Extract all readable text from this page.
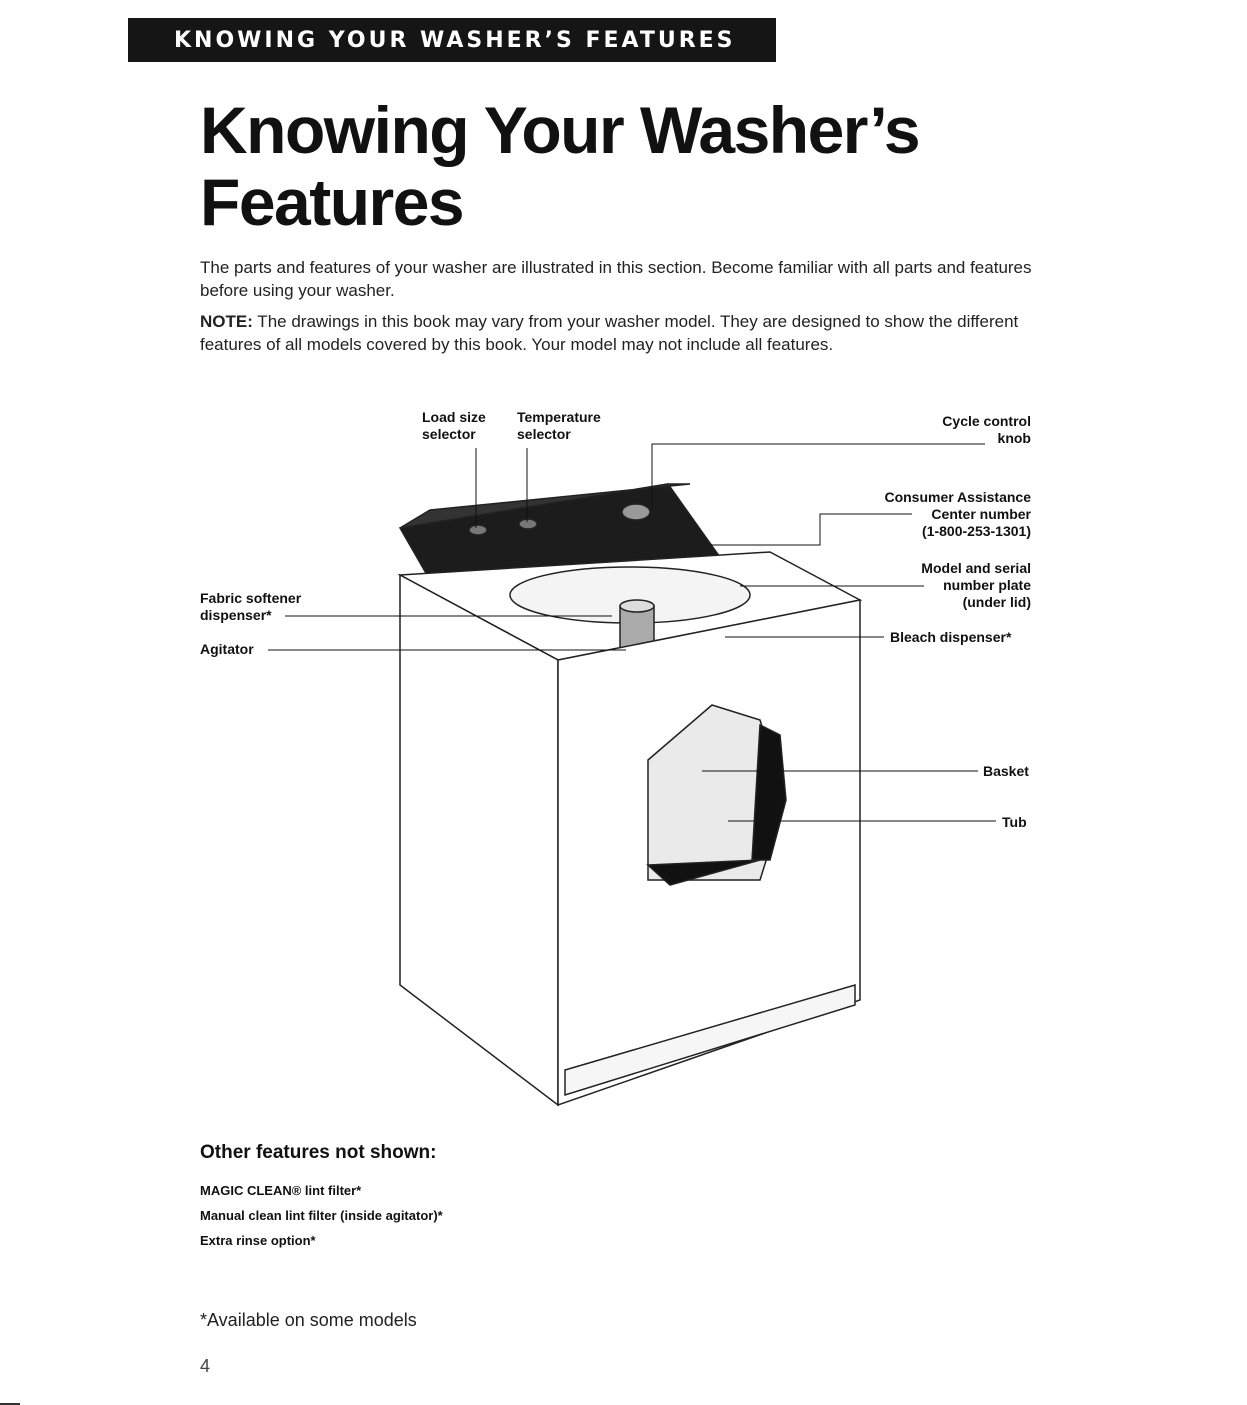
KNOWING YOUR WASHER’S FEATURES
Knowing Your Washer’s
Features

The parts and features of your washer are illustrated in this section. Become familiar with all parts and features before using your washer.

NOTE: The drawings in this book may vary from your washer model. They are designed to show the different features of all models covered by this book. Your model may not include all features.

Load size
selector
Temperature
selector
Cycle control
knob
Consumer Assistance
Center number
(1-800-253-1301)
Model and serial
number plate
(under lid)
Bleach dispenser*
Fabric softener
dispenser*
Agitator
Basket
Tub
Other features not shown:
MAGIC CLEAN® lint filter*
Manual clean lint filter (inside agitator)*
Extra rinse option*

*Available on some models

4
